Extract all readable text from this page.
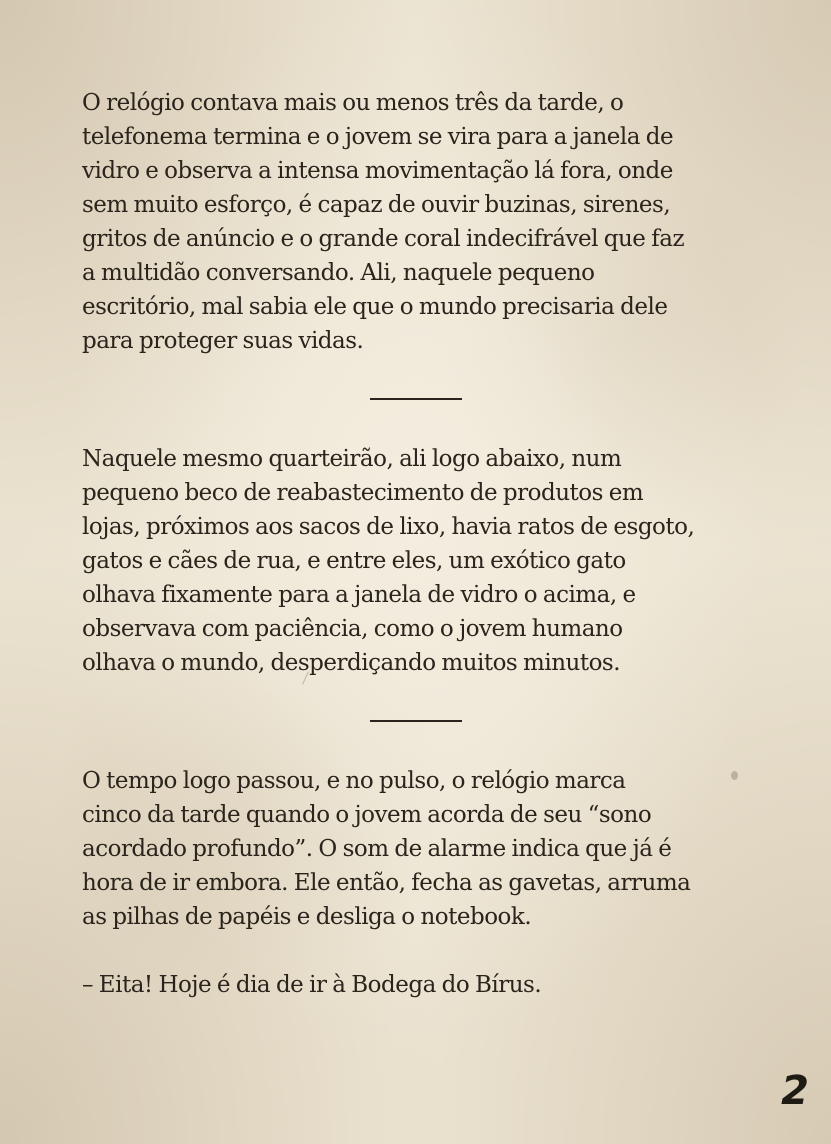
O relógio contava mais ou menos três da tarde, o
telefonema termina e o jovem se vira para a janela de
vidro e observa a intensa movimentação lá fora, onde
sem muito esforço, é capaz de ouvir buzinas, sirenes,
gritos de anúncio e o grande coral indecifrável que faz
a multidão conversando. Ali, naquele pequeno
escritório, mal sabia ele que o mundo precisaria dele
para proteger suas vidas.

Naquele mesmo quarteirão, ali logo abaixo, num
pequeno beco de reabastecimento de produtos em
lojas, próximos aos sacos de lixo, havia ratos de esgoto,
gatos e cães de rua, e entre eles, um exótico gato
olhava fixamente para a janela de vidro o acima, e
observava com paciência, como o jovem humano
olhava o mundo, desperdiçando muitos minutos.

O tempo logo passou, e no pulso, o relógio marca
cinco da tarde quando o jovem acorda de seu “sono
acordado profundo”. O som de alarme indica que já é
hora de ir embora. Ele então, fecha as gavetas, arruma
as pilhas de papéis e desliga o notebook.

– Eita! Hoje é dia de ir à Bodega do Bírus.

2
